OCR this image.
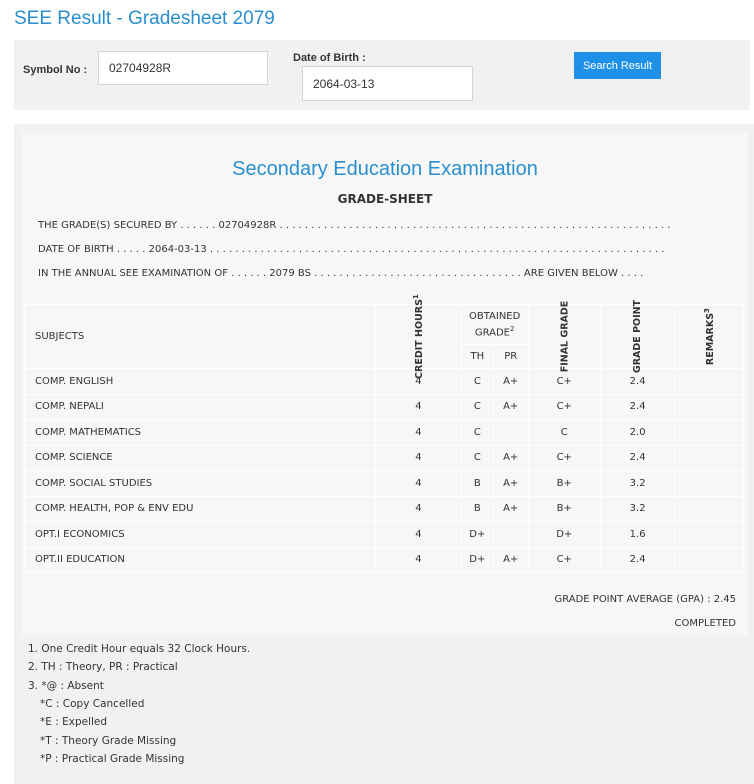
SEE Result - Gradesheet 2079
Symbol No :
02704928R
Date of Birth :
2064-03-13
Search Result
Secondary Education Examination
GRADE-SHEET
THE GRADE(S) SECURED BY . . . . . . 02704928R . . . . . . . . . . . . . . . . . . . . . . . . . . . . . . . . . . . . . . . . . . . . . . . . . . . . . . . . . . . . . .
DATE OF BIRTH . . . . . 2064-03-13 . . . . . . . . . . . . . . . . . . . . . . . . . . . . . . . . . . . . . . . . . . . . . . . . . . . . . . . . . . . . . . . . . . . . . . . .
IN THE ANNUAL SEE EXAMINATION OF . . . . . . 2079 BS . . . . . . . . . . . . . . . . . . . . . . . . . . . . . . . . . ARE GIVEN BELOW . . . .
SUBJECTS	CREDIT HOURS$^1$	OBTAINED GRADE$^2$		FINAL GRADE	GRADE POINT	REMARKS$^3$
		TH	PR			
COMP. ENGLISH	4	C	A+	C+	2.4	
COMP. NEPALI	4	C	A+	C+	2.4	
COMP. MATHEMATICS	4	C		C	2.0	
COMP. SCIENCE	4	C	A+	C+	2.4	
COMP. SOCIAL STUDIES	4	B	A+	B+	3.2	
COMP. HEALTH, POP & ENV EDU	4	B	A+	B+	3.2	
OPT.I ECONOMICS	4	D+		D+	1.6	
OPT.II EDUCATION	4	D+	A+	C+	2.4	
GRADE POINT AVERAGE (GPA) : 2.45
COMPLETED
1. One Credit Hour equals 32 Clock Hours.
2. TH : Theory, PR : Practical
3. *@ : Absent
*C : Copy Cancelled
*E : Expelled
*T : Theory Grade Missing
*P : Practical Grade Missing
